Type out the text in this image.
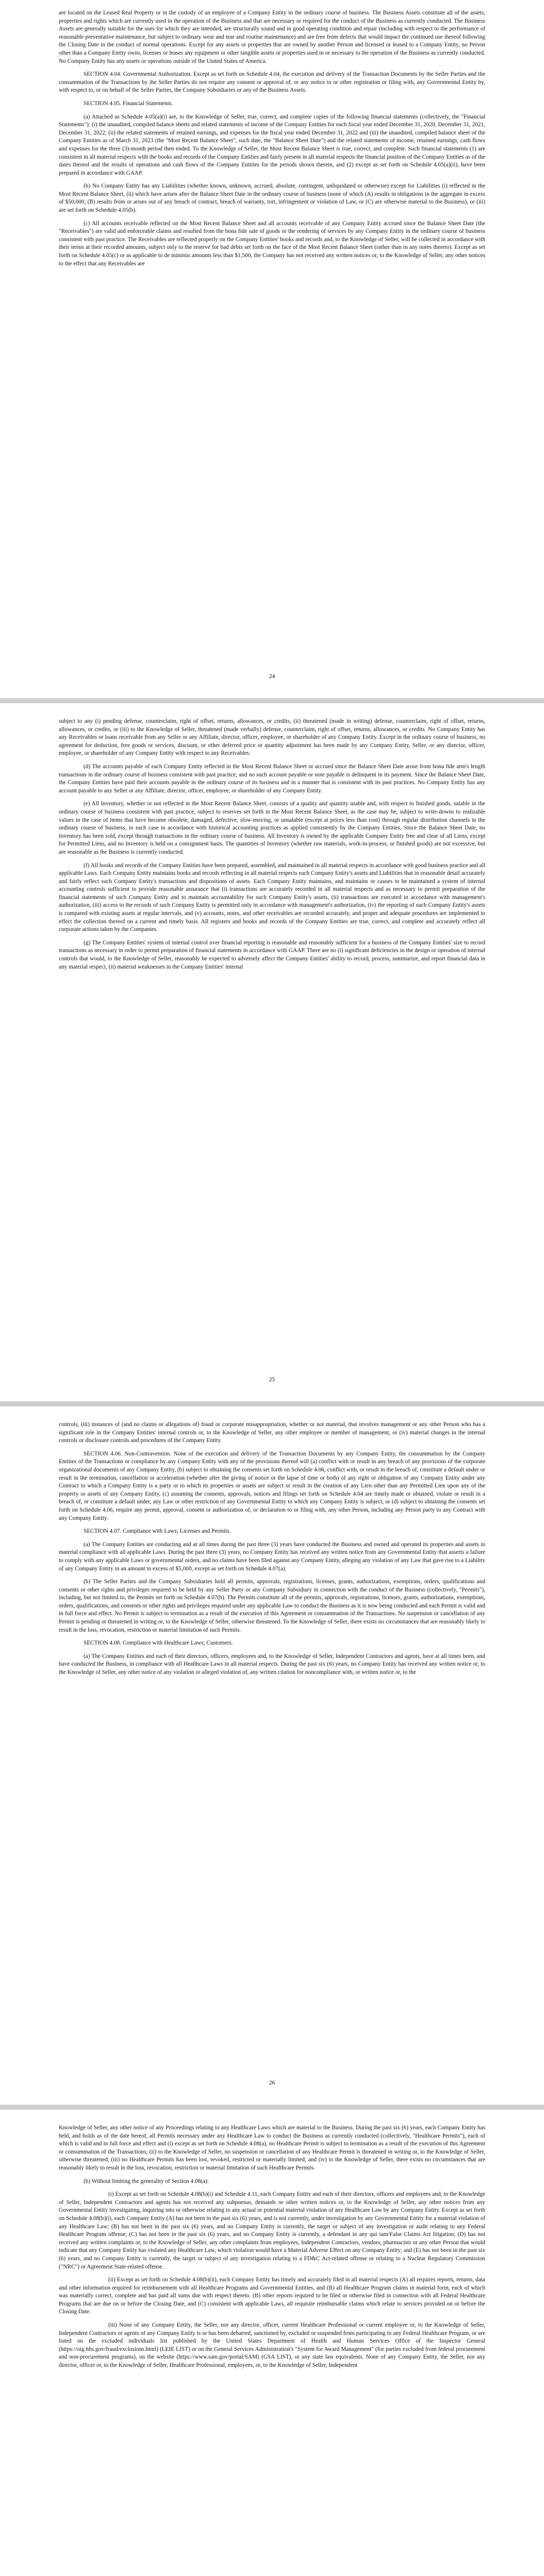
are located on the Leased Real Property or in the custody of an employee of a Company Entity in the ordinary course of business. The Business Assets constitute all of the assets, properties and rights which are currently used in the operation of the Business and that are necessary or required for the conduct of the Business as currently conducted. The Business Assets are generally suitable for the uses for which they are intended, are structurally sound and in good operating condition and repair (including with respect to the performance of reasonable preventative maintenance, but subject to ordinary wear and tear and routine maintenance) and are free from defects that would impact the continued use thereof following the Closing Date in the conduct of normal operations. Except for any assets or properties that are owned by another Person and licensed or leased to a Company Entity, no Person other than a Company Entity owns, licenses or leases any equipment or other tangible assets or properties used in or necessary to the operation of the Business as currently conducted. No Company Entity has any assets or operations outside of the United States of America.

SECTION 4.04. Governmental Authorization. Except as set forth on Schedule 4.04, the execution and delivery of the Transaction Documents by the Seller Parties and the consummation of the Transactions by the Seller Parties do not require any consent or approval of, or any notice to or other registration or filing with, any Governmental Entity by, with respect to, or on behalf of the Seller Parties, the Company Subsidiaries or any of the Business Assets.

SECTION 4.05. Financial Statements.

(a) Attached as Schedule 4.05(a)(i) are, to the Knowledge of Seller, true, correct, and complete copies of the following financial statements (collectively, the "Financial Statements"): (i) the unaudited, compiled balance sheets and related statements of income of the Company Entities for each fiscal year ended December 31, 2020, December 31, 2021, December 31, 2022; (ii) the related statements of retained earnings, and expenses for the fiscal year ended December 31, 2022 and (iii) the unaudited, compiled balance sheet of the Company Entities as of March 31, 2023 (the "Most Recent Balance Sheet", such date, the "Balance Sheet Date") and the related statements of income, retained earnings, cash flows and expenses for the three (3)-month period then ended. To the Knowledge of Seller, the Most Recent Balance Sheet is true, correct, and complete. Such financial statements (1) are consistent in all material respects with the books and records of the Company Entities and fairly present in all material respects the financial position of the Company Entities as of the dates thereof and the results of operations and cash flows of the Company Entities for the periods shown therein, and (2) except as set forth on Schedule 4.05(a)(ii), have been prepared in accordance with GAAP.

(b) No Company Entity has any Liabilities (whether known, unknown, accrued, absolute, contingent, unliquidated or otherwise) except for Liabilities (i) reflected in the Most Recent Balance Sheet, (ii) which have arisen after the Balance Sheet Date in the ordinary course of business (none of which (A) results in obligations in the aggregate in excess of $50,000, (B) results from or arises out of any breach of contract, breach of warranty, tort, infringement or violation of Law, or (C) are otherwise material to the Business), or (iii) are set forth on Schedule 4.05(b).

(c) All accounts receivable reflected on the Most Recent Balance Sheet and all accounts receivable of any Company Entity accrued since the Balance Sheet Date (the "Receivables") are valid and enforceable claims and resulted from the bona fide sale of goods or the rendering of services by any Company Entity in the ordinary course of business consistent with past practice. The Receivables are reflected properly on the Company Entities' books and records and, to the Knowledge of Seller, will be collected in accordance with their terms at their recorded amounts, subject only to the reserve for bad debts set forth on the face of the Most Recent Balance Sheet (rather than in any notes thereto). Except as set forth on Schedule 4.05(c) or as applicable to de minimis amounts less than $1,500, the Company has not received any written notices or, to the Knowledge of Seller, any other notices to the effect that any Receivables are

24

subject to any (i) pending defense, counterclaim, right of offset, returns, allowances, or credits, (ii) threatened (made in writing) defense, counterclaim, right of offset, returns, allowances, or credits, or (iii) to the Knowledge of Seller, threatened (made verbally) defense, counterclaim, right of offset, returns, allowances, or credits. No Company Entity has any Receivables or loans receivable from any Seller or any Affiliate, director, officer, employee, or shareholder of any Company Entity. Except in the ordinary course of business, no agreement for deduction, free goods or services, discount, or other deferred price or quantity adjustment has been made by any Company Entity, Seller, or any director, officer, employee, or shareholder of any Company Entity with respect to any Receivables.

(d) The accounts payable of each Company Entity reflected in the Most Recent Balance Sheet or accrued since the Balance Sheet Date arose from bona fide arm's length transactions in the ordinary course of business consistent with past practice, and no such account payable or note payable is delinquent in its payment. Since the Balance Sheet Date, the Company Entities have paid their accounts payable in the ordinary course of its business and in a manner that is consistent with its past practices. No Company Entity has any account payable to any Seller or any Affiliate, director, officer, employee, or shareholder of any Company Entity.

(e) All Inventory, whether or not reflected in the Most Recent Balance Sheet, consists of a quality and quantity usable and, with respect to finished goods, salable in the ordinary course of business consistent with past practice, subject to reserves set forth in the Most Recent Balance Sheet, as the case may be, subject to write-downs to realizable values in the case of items that have become obsolete, damaged, defective, slow-moving, or unsalable (except at prices less than cost) through regular distribution channels in the ordinary course of business, in each case in accordance with historical accounting practices as applied consistently by the Company Entities. Since the Balance Sheet Date, no Inventory has been sold, except through transactions in the ordinary course of business. All Inventory is owned by the applicable Company Entity free and clear of all Liens, except for Permitted Liens, and no Inventory is held on a consignment basis. The quantities of Inventory (whether raw materials, work-in-process, or finished goods) are not excessive, but are reasonable as the Business is currently conducted.

(f) All books and records of the Company Entities have been prepared, assembled, and maintained in all material respects in accordance with good business practice and all applicable Laws. Each Company Entity maintains books and records reflecting in all material respects each Company Entity's assets and Liabilities that in reasonable detail accurately and fairly reflect such Company Entity's transactions and dispositions of assets. Each Company Entity maintains, and maintains or causes to be maintained a system of internal accounting controls sufficient to provide reasonable assurance that (i) transactions are accurately recorded in all material respects and as necessary to permit preparation of the financial statements of such Company Entity and to maintain accountability for such Company Entity's assets, (ii) transactions are executed in accordance with management's authorization, (iii) access to the records of such Company Entity is permitted only in accordance with management's authorization, (iv) the reporting of such Company Entity's assets is compared with existing assets at regular intervals, and (v) accounts, notes, and other receivables are recorded accurately, and proper and adequate procedures are implemented to effect the collection thereof on a current and timely basis. All registers and books and records of the Company Entities are true, correct, and complete and accurately reflect all corporate actions taken by the Companies.

(g) The Company Entities' system of internal control over financial reporting is reasonable and reasonably sufficient for a business of the Company Entities' size to record transactions as necessary in order to permit preparation of financial statements in accordance with GAAP. There are no (i) significant deficiencies in the design or operation of internal controls that would, to the Knowledge of Seller, reasonably be expected to adversely affect the Company Entities' ability to record, process, summarize, and report financial data in any material respect, (ii) material weaknesses in the Company Entities' internal

25

controls, (iii) instances of (and no claims or allegations of) fraud or corporate misappropriation, whether or not material, that involves management or any other Person who has a significant role in the Company Entities' internal controls or, to the Knowledge of Seller, any other employee or member of management, or (iv) material changes in the internal controls or disclosure controls and procedures of the Company Entity.

SECTION 4.06. Non-Contravention. None of the execution and delivery of the Transaction Documents by any Company Entity, the consummation by the Company Entities of the Transactions or compliance by any Company Entity with any of the provisions thereof will (a) conflict with or result in any breach of any provisions of the corporate organizational documents of any Company Entity, (b) subject to obtaining the consents set forth on Schedule 4.06, conflict with, or result in the breach of, constitute a default under or result in the termination, cancellation or acceleration (whether after the giving of notice or the lapse of time or both) of any right or obligation of any Company Entity under any Contract to which a Company Entity is a party or to which its properties or assets are subject or result in the creation of any Lien other than any Permitted Lien upon any of the property or assets of any Company Entity, (c) assuming the consents, approvals, notices and filings set forth on Schedule 4.04 are timely made or obtained, violate or result in a breach of, or constitute a default under, any Law or other restriction of any Governmental Entity to which any Company Entity is subject, or (d) subject to obtaining the consents set forth on Schedule 4.06, require any permit, approval, consent or authorization of, or declaration to or filing with, any other Person, including any Person party to any Contract with any Company Entity.

SECTION 4.07. Compliance with Laws; Licenses and Permits.

(a) The Company Entities are conducting and at all times during the past three (3) years have conducted the Business and owned and operated its properties and assets in material compliance with all applicable Laws. During the past three (3) years, no Company Entity has received any written notice from any Governmental Entity that asserts a failure to comply with any applicable Laws or governmental orders, and no claims have been filed against any Company Entity, alleging any violation of any Law that gave rise to a Liability of any Company Entity in an amount in excess of $5,000, except as set forth on Schedule 4.07(a).

(b) The Seller Parties and the Company Subsidiaries hold all permits, approvals, registrations, licenses, grants, authorizations, exemptions, orders, qualifications and consents or other rights and privileges required to be held by any Seller Party or any Company Subsidiary in connection with the conduct of the Business (collectively, "Permits"), including, but not limited to, the Permits set forth on Schedule 4.07(b). The Permits constitute all of the permits, approvals, registrations, licenses, grants, authorizations, exemptions, orders, qualifications, and consents or other rights and privileges required under any applicable Law to conduct the Business as it is now being conducted and each Permit is valid and in full force and effect. No Permit is subject to termination as a result of the execution of this Agreement or consummation of the Transactions. No suspension or cancellation of any Permit is pending or threatened in writing or, to the Knowledge of Seller, otherwise threatened. To the Knowledge of Seller, there exists no circumstances that are reasonably likely to result in the loss, revocation, restriction or material limitation of such Permits.

SECTION 4.08. Compliance with Healthcare Laws; Customers.

(a) The Company Entities and each of their directors, officers, employees and, to the Knowledge of Seller, Independent Contractors and agents, have at all times been, and have conducted the Business, in compliance with all Healthcare Laws in all material respects. During the past six (6) years, no Company Entity has received any written notice or, to the Knowledge of Seller, any other notice of any violation or alleged violation of, any written citation for noncompliance with, or written notice or, to the

26

Knowledge of Seller, any other notice of any Proceedings relating to any Healthcare Laws which are material to the Business. During the past six (6) years, each Company Entity has held, and holds as of the date hereof, all Permits necessary under any Healthcare Law to conduct the Business as currently conducted (collectively, "Healthcare Permits"), each of which is valid and in full force and effect and (i) except as set forth on Schedule 4.08(a), no Healthcare Permit is subject to termination as a result of the execution of this Agreement or consummation of the Transactions; (ii) to the Knowledge of Seller, no suspension or cancellation of any Healthcare Permit is threatened in writing or, to the Knowledge of Seller, otherwise threatened; (iii) no Healthcare Permits has been lost, revoked, restricted or materially limited; and (iv) to the Knowledge of Seller, there exists no circumstances that are reasonably likely to result in the loss, revocation, restriction or material limitation of such Healthcare Permits.

(b) Without limiting the generality of Section 4.08(a):

(i) Except as set forth on Schedule 4.08(b)(i) and Schedule 4.11, each Company Entity and each of their directors, officers and employees and, to the Knowledge of Seller, Independent Contractors and agents has not received any subpoenas, demands or other written notices or, to the Knowledge of Seller, any other notices from any Governmental Entity investigating, inquiring into or otherwise relating to any actual or potential material violation of any Healthcare Law by any Company Entity. Except as set forth on Schedule 4.08(b)(i), each Company Entity (A) has not been in the past six (6) years, and is not currently, under investigation by any Governmental Entity for a material violation of any Healthcare Law; (B) has not been in the past six (6) years, and no Company Entity is currently, the target or subject of any investigation or audit relating to any Federal Healthcare Program offense; (C) has not been in the past six (6) years, and no Company Entity is currently, a defendant in any qui tam/False Claims Act litigation; (D) has not received any written complaints or, to the Knowledge of Seller, any other complaints from employees, Independent Contractors, vendors, pharmacists or any other Person that would indicate that any Company Entity has violated any Healthcare Law, which violation would have a Material Adverse Effect on any Company Entity; and (E) has not been in the past six (6) years, and no Company Entity is currently, the target or subject of any investigation relating to a FD&C Act-related offense or relating to a Nuclear Regulatory Commission ("NRC") or Agreement State-related offense.

(ii) Except as set forth on Schedule 4.08(b)(ii), each Company Entity has timely and accurately filed in all material respects (A) all requires reports, returns, data and other information required for reimbursement with all Healthcare Programs and Governmental Entities, and (B) all Healthcare Program claims in material form, each of which was materially correct, complete and has paid all sums due with respect thereto. (B) other reports required to be filed or otherwise filed in connection with all Federal Healthcare Programs that are due on or before the Closing Date, and (C) consistent with applicable Laws, all requisite reimbursable claims which relate to services provided on or before the Closing Date.

(iii) None of any Company Entity, the Seller, nor any director, officer, current Healthcare Professional or current employee or, to the Knowledge of Seller, Independent Contractors or agents of any Company Entity is or has been debarred, sanctioned by, excluded or suspended from participating in any Federal Healthcare Program, or are listed on the excluded individuals list published by the United States Department of Health and Human Services Office of the Inspector General (https://oig.hhs.gov/fraud/exclusions.html) (LEIE LIST) or on the General Services Administration's "System for Award Management" (for parties excluded from federal procurement and non-procurement programs), on the website (https://www.sam.gov/portal/SAM) (GSA LIST), or any state law equivalents. None of any Company Entity, the Seller, nor any director, officer or, to the Knowledge of Seller, Healthcare Professional, employees, or, to the Knowledge of Seller, Independent
